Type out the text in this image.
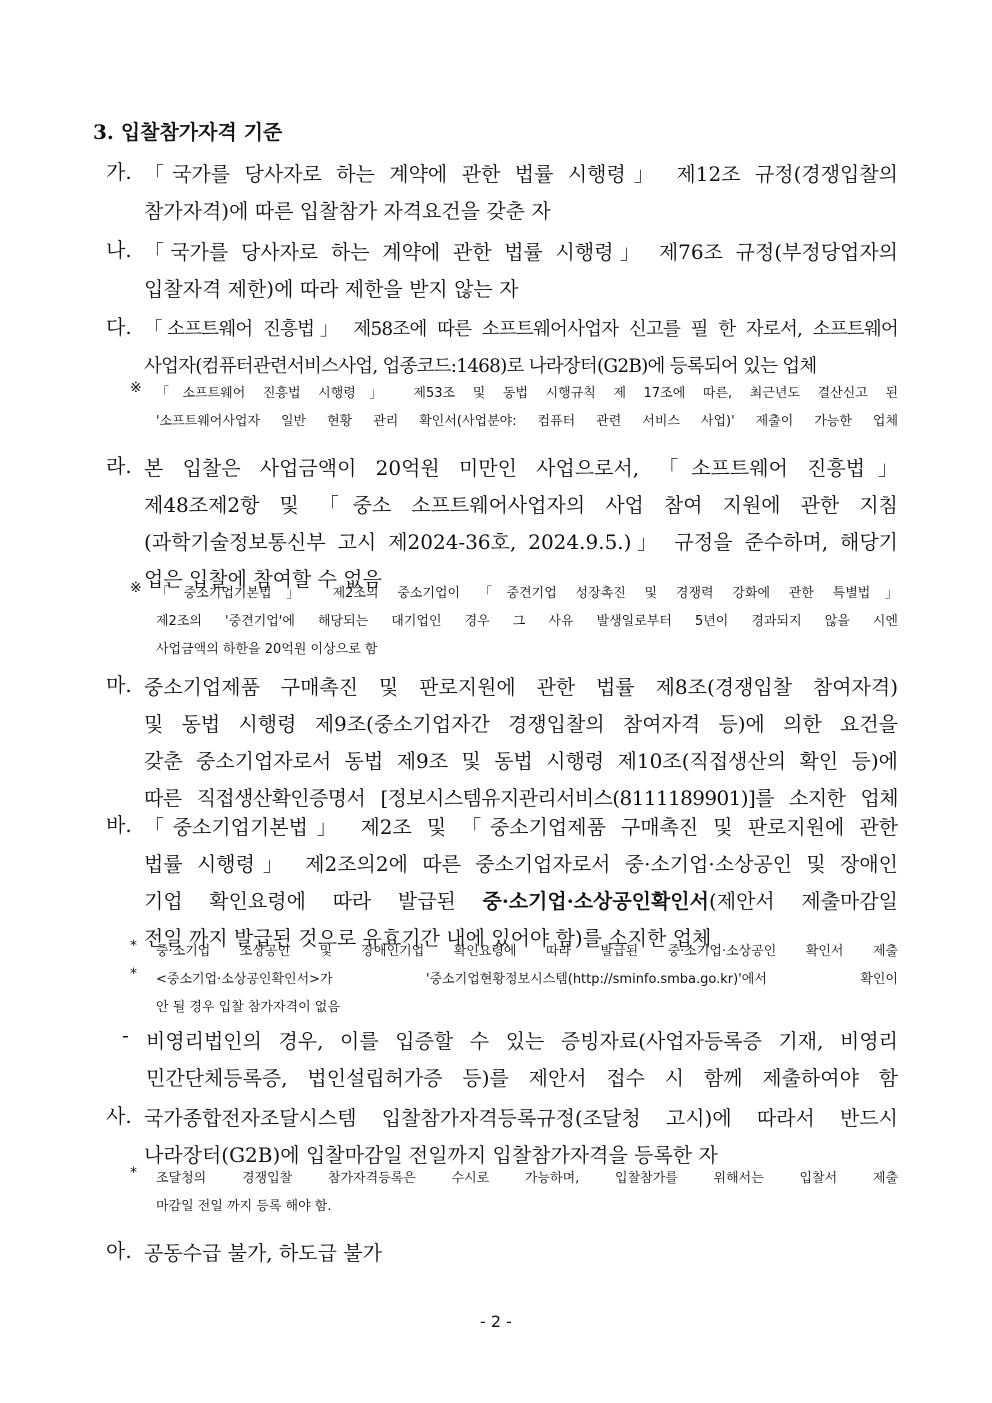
3. 입찰참가자격 기준
가. 「국가를 당사자로 하는 계약에 관한 법률 시행령」 제12조 규정(경쟁입찰의
참가자격)에 따른 입찰참가 자격요건을 갖춘 자
나. 「국가를 당사자로 하는 계약에 관한 법률 시행령」 제76조 규정(부정당업자의
입찰자격 제한)에 따라 제한을 받지 않는 자
다. 「소프트웨어 진흥법」 제58조에 따른 소프트웨어사업자 신고를 필 한 자로서, 소프트웨어
사업자(컴퓨터관련서비스사업, 업종코드:1468)로 나라장터(G2B)에 등록되어 있는 업체
※	「소프트웨어 진흥법 시행령」 제53조 및 동법 시행규칙 제 17조에 따른, 최근년도 결산신고 된
'소프트웨어사업자 일반 현황 관리 확인서(사업분야: 컴퓨터 관련 서비스 사업)' 제출이 가능한 업체
라. 본 입찰은 사업금액이 20억원 미만인 사업으로서, 「소프트웨어 진흥법」
제48조제2항 및 「중소 소프트웨어사업자의 사업 참여 지원에 관한 지침
(과학기술정보통신부 고시 제2024-36호, 2024.9.5.)」 규정을 준수하며, 해당기
업은 입찰에 참여할 수 없음
※	「중소기업기본법」 제2조의 중소기업이 「중견기업 성장촉진 및 경쟁력 강화에 관한 특별법」
제2조의 '중견기업'에 해당되는 대기업인 경우 그 사유 발생일로부터 5년이 경과되지 않을 시엔
사업금액의 하한을 20억원 이상으로 함
마. 중소기업제품 구매촉진 및 판로지원에 관한 법률 제8조(경쟁입찰 참여자격)
및 동법 시행령 제9조(중소기업자간 경쟁입찰의 참여자격 등)에 의한 요건을
갖춘 중소기업자로서 동법 제9조 및 동법 시행령 제10조(직접생산의 확인 등)에
따른 직접생산확인증명서 [정보시스템유지관리서비스(8111189901)]를 소지한 업체
바. 「중소기업기본법」 제2조 및 「중소기업제품 구매촉진 및 판로지원에 관한
법률 시행령」 제2조의2에 따른 중소기업자로서 중·소기업·소상공인 및 장애인
기업 확인요령에 따라 발급된 중·소기업·소상공인확인서(제안서 제출마감일
전일 까지 발급된 것으로 유효기간 내에 있어야 함)를 소지한 업체
*	중·소기업 소상공인 및 장애인기업 확인요령에 따라 발급된 중·소기업·소상공인 확인서 제출
*	<중소기업·소상공인확인서>가 '중소기업현황정보시스템(http://sminfo.smba.go.kr)'에서 확인이
안 될 경우 입찰 참가자격이 없음
- 비영리법인의 경우, 이를 입증할 수 있는 증빙자료(사업자등록증 기재, 비영리
민간단체등록증, 법인설립허가증 등)를 제안서 접수 시 함께 제출하여야 함
사. 국가종합전자조달시스템 입찰참가자격등록규정(조달청 고시)에 따라서 반드시
나라장터(G2B)에 입찰마감일 전일까지 입찰참가자격을 등록한 자
*	조달청의 경쟁입찰 참가자격등록은 수시로 가능하며, 입찰참가를 위해서는 입찰서 제출
마감일 전일 까지 등록 해야 함.
아. 공동수급 불가, 하도급 불가
- 2 -
